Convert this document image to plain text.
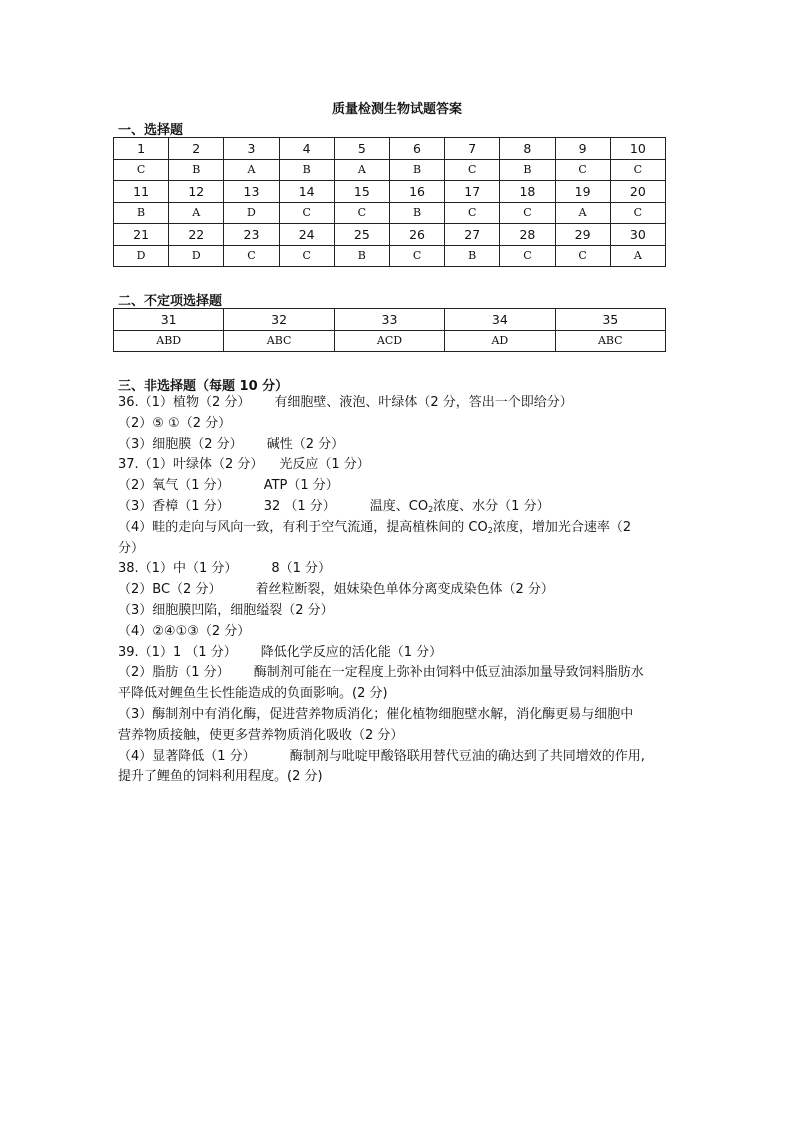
质量检测生物试题答案
一、选择题
1	2	3	4	5	6	7	8	9	10
C	B	A	B	A	B	C	B	C	C
11	12	13	14	15	16	17	18	19	20
B	A	D	C	C	B	C	C	A	C
21	22	23	24	25	26	27	28	29	30
D	D	C	C	B	C	B	C	C	A
二、不定项选择题
31	32	33	34	35
ABD	ABC	ACD	AD	ABC
三、非选择题（每题 10 分）
36.（1）植物（2 分） 有细胞壁、液泡、叶绿体（2 分，答出一个即给分）
（2）⑤ ①（2 分）
（3）细胞膜（2 分） 碱性（2 分）
37.（1）叶绿体（2 分） 光反应（1 分）
（2）氧气（1 分）	ATP（1 分）
（3）香樟（1 分）	32 （1 分）	温度、$CO_2$浓度、水分（1 分）
（4）畦的走向与风向一致，有利于空气流通，提高植株间的 $CO_2$浓度，增加光合速率（2
分）
38.（1）中（1 分）	8（1 分）
（2）BC（2 分）	着丝粒断裂，姐妹染色单体分离变成染色体（2 分）
（3）细胞膜凹陷，细胞缢裂（2 分）
（4）②④①③（2 分）
39.（1）1 （1 分） 降低化学反应的活化能（1 分）
（2）脂肪（1 分） 酶制剂可能在一定程度上弥补由饲料中低豆油添加量导致饲料脂肪水
平降低对鲤鱼生长性能造成的负面影响。(2 分)
（3）酶制剂中有消化酶，促进营养物质消化；催化植物细胞壁水解，消化酶更易与细胞中
营养物质接触，使更多营养物质消化吸收（2 分）
（4）显著降低（1 分）	酶制剂与吡啶甲酸铬联用替代豆油的确达到了共同增效的作用,
提升了鲤鱼的饲料利用程度。(2 分)
